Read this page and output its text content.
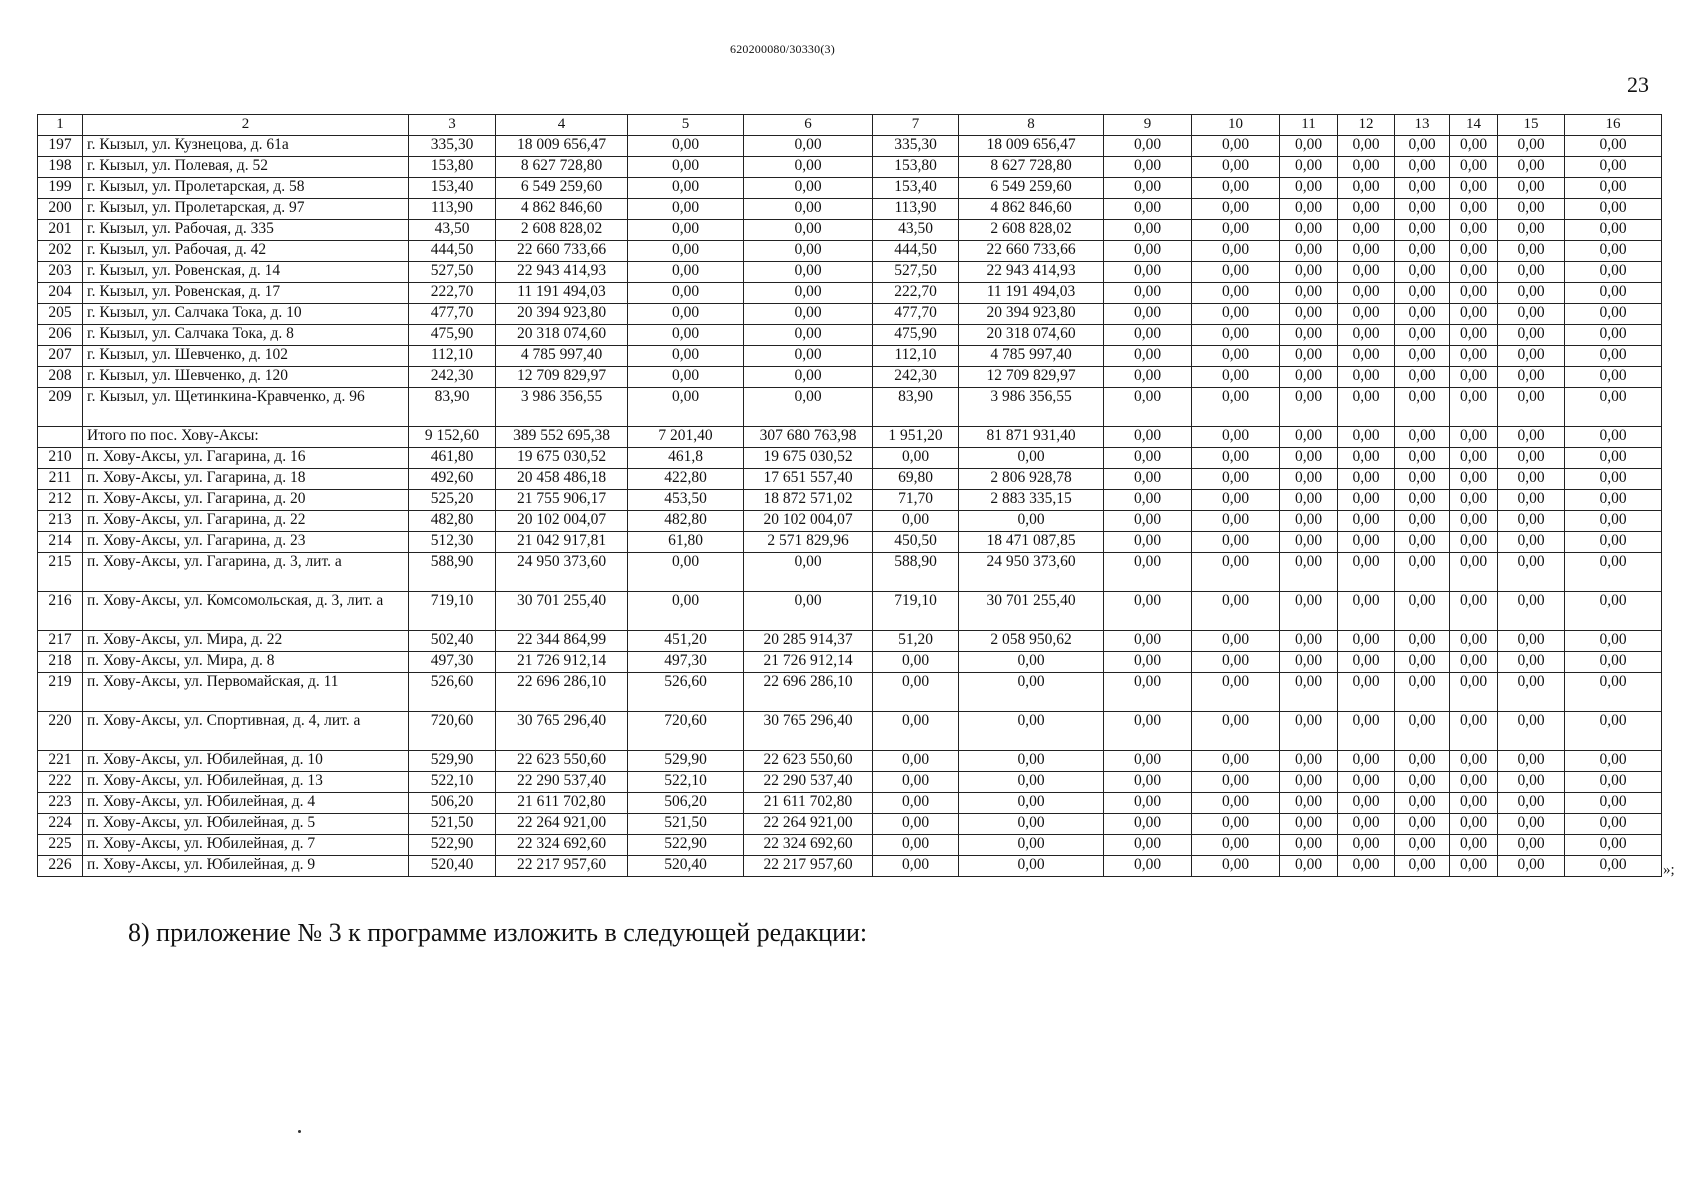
620200080/30330(3)
23
1	2	3	4	5	6	7	8	9	10	11	12	13	14	15	16
197	г. Кызыл, ул. Кузнецова, д. 61а	335,30	18 009 656,47	0,00	0,00	335,30	18 009 656,47	0,00	0,00	0,00	0,00	0,00	0,00	0,00	0,00
198	г. Кызыл, ул. Полевая, д. 52	153,80	8 627 728,80	0,00	0,00	153,80	8 627 728,80	0,00	0,00	0,00	0,00	0,00	0,00	0,00	0,00
199	г. Кызыл, ул. Пролетарская, д. 58	153,40	6 549 259,60	0,00	0,00	153,40	6 549 259,60	0,00	0,00	0,00	0,00	0,00	0,00	0,00	0,00
200	г. Кызыл, ул. Пролетарская, д. 97	113,90	4 862 846,60	0,00	0,00	113,90	4 862 846,60	0,00	0,00	0,00	0,00	0,00	0,00	0,00	0,00
201	г. Кызыл, ул. Рабочая, д. 335	43,50	2 608 828,02	0,00	0,00	43,50	2 608 828,02	0,00	0,00	0,00	0,00	0,00	0,00	0,00	0,00
202	г. Кызыл, ул. Рабочая, д. 42	444,50	22 660 733,66	0,00	0,00	444,50	22 660 733,66	0,00	0,00	0,00	0,00	0,00	0,00	0,00	0,00
203	г. Кызыл, ул. Ровенская, д. 14	527,50	22 943 414,93	0,00	0,00	527,50	22 943 414,93	0,00	0,00	0,00	0,00	0,00	0,00	0,00	0,00
204	г. Кызыл, ул. Ровенская, д. 17	222,70	11 191 494,03	0,00	0,00	222,70	11 191 494,03	0,00	0,00	0,00	0,00	0,00	0,00	0,00	0,00
205	г. Кызыл, ул. Салчака Тока, д. 10	477,70	20 394 923,80	0,00	0,00	477,70	20 394 923,80	0,00	0,00	0,00	0,00	0,00	0,00	0,00	0,00
206	г. Кызыл, ул. Салчака Тока, д. 8	475,90	20 318 074,60	0,00	0,00	475,90	20 318 074,60	0,00	0,00	0,00	0,00	0,00	0,00	0,00	0,00
207	г. Кызыл, ул. Шевченко, д. 102	112,10	4 785 997,40	0,00	0,00	112,10	4 785 997,40	0,00	0,00	0,00	0,00	0,00	0,00	0,00	0,00
208	г. Кызыл, ул. Шевченко, д. 120	242,30	12 709 829,97	0,00	0,00	242,30	12 709 829,97	0,00	0,00	0,00	0,00	0,00	0,00	0,00	0,00
209	г. Кызыл, ул. Щетинкина-Кравченко, д. 96	83,90	3 986 356,55	0,00	0,00	83,90	3 986 356,55	0,00	0,00	0,00	0,00	0,00	0,00	0,00	0,00
	Итого по пос. Хову-Аксы:	9 152,60	389 552 695,38	7 201,40	307 680 763,98	1 951,20	81 871 931,40	0,00	0,00	0,00	0,00	0,00	0,00	0,00	0,00
210	п. Хову-Аксы, ул. Гагарина, д. 16	461,80	19 675 030,52	461,8	19 675 030,52	0,00	0,00	0,00	0,00	0,00	0,00	0,00	0,00	0,00	0,00
211	п. Хову-Аксы, ул. Гагарина, д. 18	492,60	20 458 486,18	422,80	17 651 557,40	69,80	2 806 928,78	0,00	0,00	0,00	0,00	0,00	0,00	0,00	0,00
212	п. Хову-Аксы, ул. Гагарина, д. 20	525,20	21 755 906,17	453,50	18 872 571,02	71,70	2 883 335,15	0,00	0,00	0,00	0,00	0,00	0,00	0,00	0,00
213	п. Хову-Аксы, ул. Гагарина, д. 22	482,80	20 102 004,07	482,80	20 102 004,07	0,00	0,00	0,00	0,00	0,00	0,00	0,00	0,00	0,00	0,00
214	п. Хову-Аксы, ул. Гагарина, д. 23	512,30	21 042 917,81	61,80	2 571 829,96	450,50	18 471 087,85	0,00	0,00	0,00	0,00	0,00	0,00	0,00	0,00
215	п. Хову-Аксы, ул. Гагарина, д. 3, лит. а	588,90	24 950 373,60	0,00	0,00	588,90	24 950 373,60	0,00	0,00	0,00	0,00	0,00	0,00	0,00	0,00
216	п. Хову-Аксы, ул. Комсомольская, д. 3, лит. а	719,10	30 701 255,40	0,00	0,00	719,10	30 701 255,40	0,00	0,00	0,00	0,00	0,00	0,00	0,00	0,00
217	п. Хову-Аксы, ул. Мира, д. 22	502,40	22 344 864,99	451,20	20 285 914,37	51,20	2 058 950,62	0,00	0,00	0,00	0,00	0,00	0,00	0,00	0,00
218	п. Хову-Аксы, ул. Мира, д. 8	497,30	21 726 912,14	497,30	21 726 912,14	0,00	0,00	0,00	0,00	0,00	0,00	0,00	0,00	0,00	0,00
219	п. Хову-Аксы, ул. Первомайская, д. 11	526,60	22 696 286,10	526,60	22 696 286,10	0,00	0,00	0,00	0,00	0,00	0,00	0,00	0,00	0,00	0,00
220	п. Хову-Аксы, ул. Спортивная, д. 4, лит. а	720,60	30 765 296,40	720,60	30 765 296,40	0,00	0,00	0,00	0,00	0,00	0,00	0,00	0,00	0,00	0,00
221	п. Хову-Аксы, ул. Юбилейная, д. 10	529,90	22 623 550,60	529,90	22 623 550,60	0,00	0,00	0,00	0,00	0,00	0,00	0,00	0,00	0,00	0,00
222	п. Хову-Аксы, ул. Юбилейная, д. 13	522,10	22 290 537,40	522,10	22 290 537,40	0,00	0,00	0,00	0,00	0,00	0,00	0,00	0,00	0,00	0,00
223	п. Хову-Аксы, ул. Юбилейная, д. 4	506,20	21 611 702,80	506,20	21 611 702,80	0,00	0,00	0,00	0,00	0,00	0,00	0,00	0,00	0,00	0,00
224	п. Хову-Аксы, ул. Юбилейная, д. 5	521,50	22 264 921,00	521,50	22 264 921,00	0,00	0,00	0,00	0,00	0,00	0,00	0,00	0,00	0,00	0,00
225	п. Хову-Аксы, ул. Юбилейная, д. 7	522,90	22 324 692,60	522,90	22 324 692,60	0,00	0,00	0,00	0,00	0,00	0,00	0,00	0,00	0,00	0,00
226	п. Хову-Аксы, ул. Юбилейная, д. 9	520,40	22 217 957,60	520,40	22 217 957,60	0,00	0,00	0,00	0,00	0,00	0,00	0,00	0,00	0,00	0,00 »;
8) приложение № 3 к программе изложить в следующей редакции:
